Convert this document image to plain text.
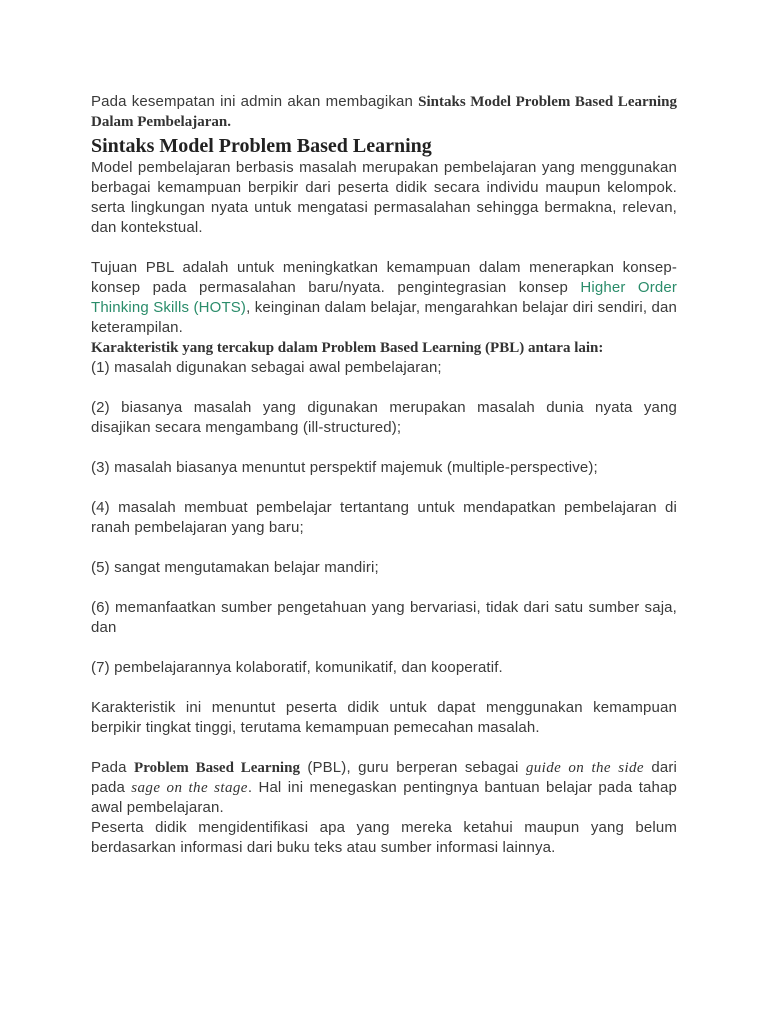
Pada kesempatan ini admin akan membagikan Sintaks Model Problem Based Learning Dalam Pembelajaran.

Sintaks Model Problem Based Learning

Model pembelajaran berbasis masalah merupakan pembelajaran yang menggunakan berbagai kemampuan berpikir dari peserta didik secara individu maupun kelompok. serta lingkungan nyata untuk mengatasi permasalahan sehingga bermakna, relevan, dan kontekstual.

Tujuan PBL adalah untuk meningkatkan kemampuan dalam menerapkan konsep-konsep pada permasalahan baru/nyata. pengintegrasian konsep Higher Order Thinking Skills (HOTS), keinginan dalam belajar, mengarahkan belajar diri sendiri, dan keterampilan.

Karakteristik yang tercakup dalam Problem Based Learning (PBL) antara lain:

(1) masalah digunakan sebagai awal pembelajaran;

(2) biasanya masalah yang digunakan merupakan masalah dunia nyata yang disajikan secara mengambang (ill-structured);

(3) masalah biasanya menuntut perspektif majemuk (multiple-perspective);

(4) masalah membuat pembelajar tertantang untuk mendapatkan pembelajaran di ranah pembelajaran yang baru;

(5) sangat mengutamakan belajar mandiri;

(6) memanfaatkan sumber pengetahuan yang bervariasi, tidak dari satu sumber saja, dan

(7) pembelajarannya kolaboratif, komunikatif, dan kooperatif.

Karakteristik ini menuntut peserta didik untuk dapat menggunakan kemampuan berpikir tingkat tinggi, terutama kemampuan pemecahan masalah.

Pada Problem Based Learning (PBL), guru berperan sebagai guide on the side dari pada sage on the stage. Hal ini menegaskan pentingnya bantuan belajar pada tahap awal pembelajaran.

Peserta didik mengidentifikasi apa yang mereka ketahui maupun yang belum berdasarkan informasi dari buku teks atau sumber informasi lainnya.
